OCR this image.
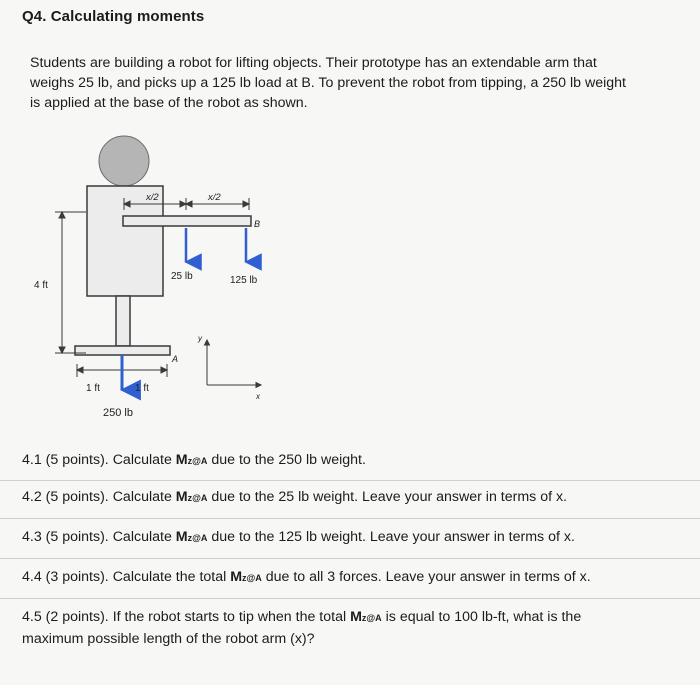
Q4. Calculating moments
Students are building a robot for lifting objects. Their prototype has an extendable arm that
weighs 25 lb, and picks up a 125 lb load at B. To prevent the robot from tipping, a 250 lb weight
is applied at the base of the robot as shown.
x/2	x/2
B
25 lb	125 lb
4 ft
A
y
x
1 ft	1 ft
250 lb
4.1 (5 points). Calculate Mz@A due to the 250 lb weight.
4.2 (5 points). Calculate Mz@A due to the 25 lb weight. Leave your answer in terms of x.
4.3 (5 points). Calculate Mz@A due to the 125 lb weight. Leave your answer in terms of x.
4.4 (3 points). Calculate the total Mz@A due to all 3 forces. Leave your answer in terms of x.
4.5 (2 points). If the robot starts to tip when the total Mz@A is equal to 100 lb-ft, what is the
maximum possible length of the robot arm (x)?
